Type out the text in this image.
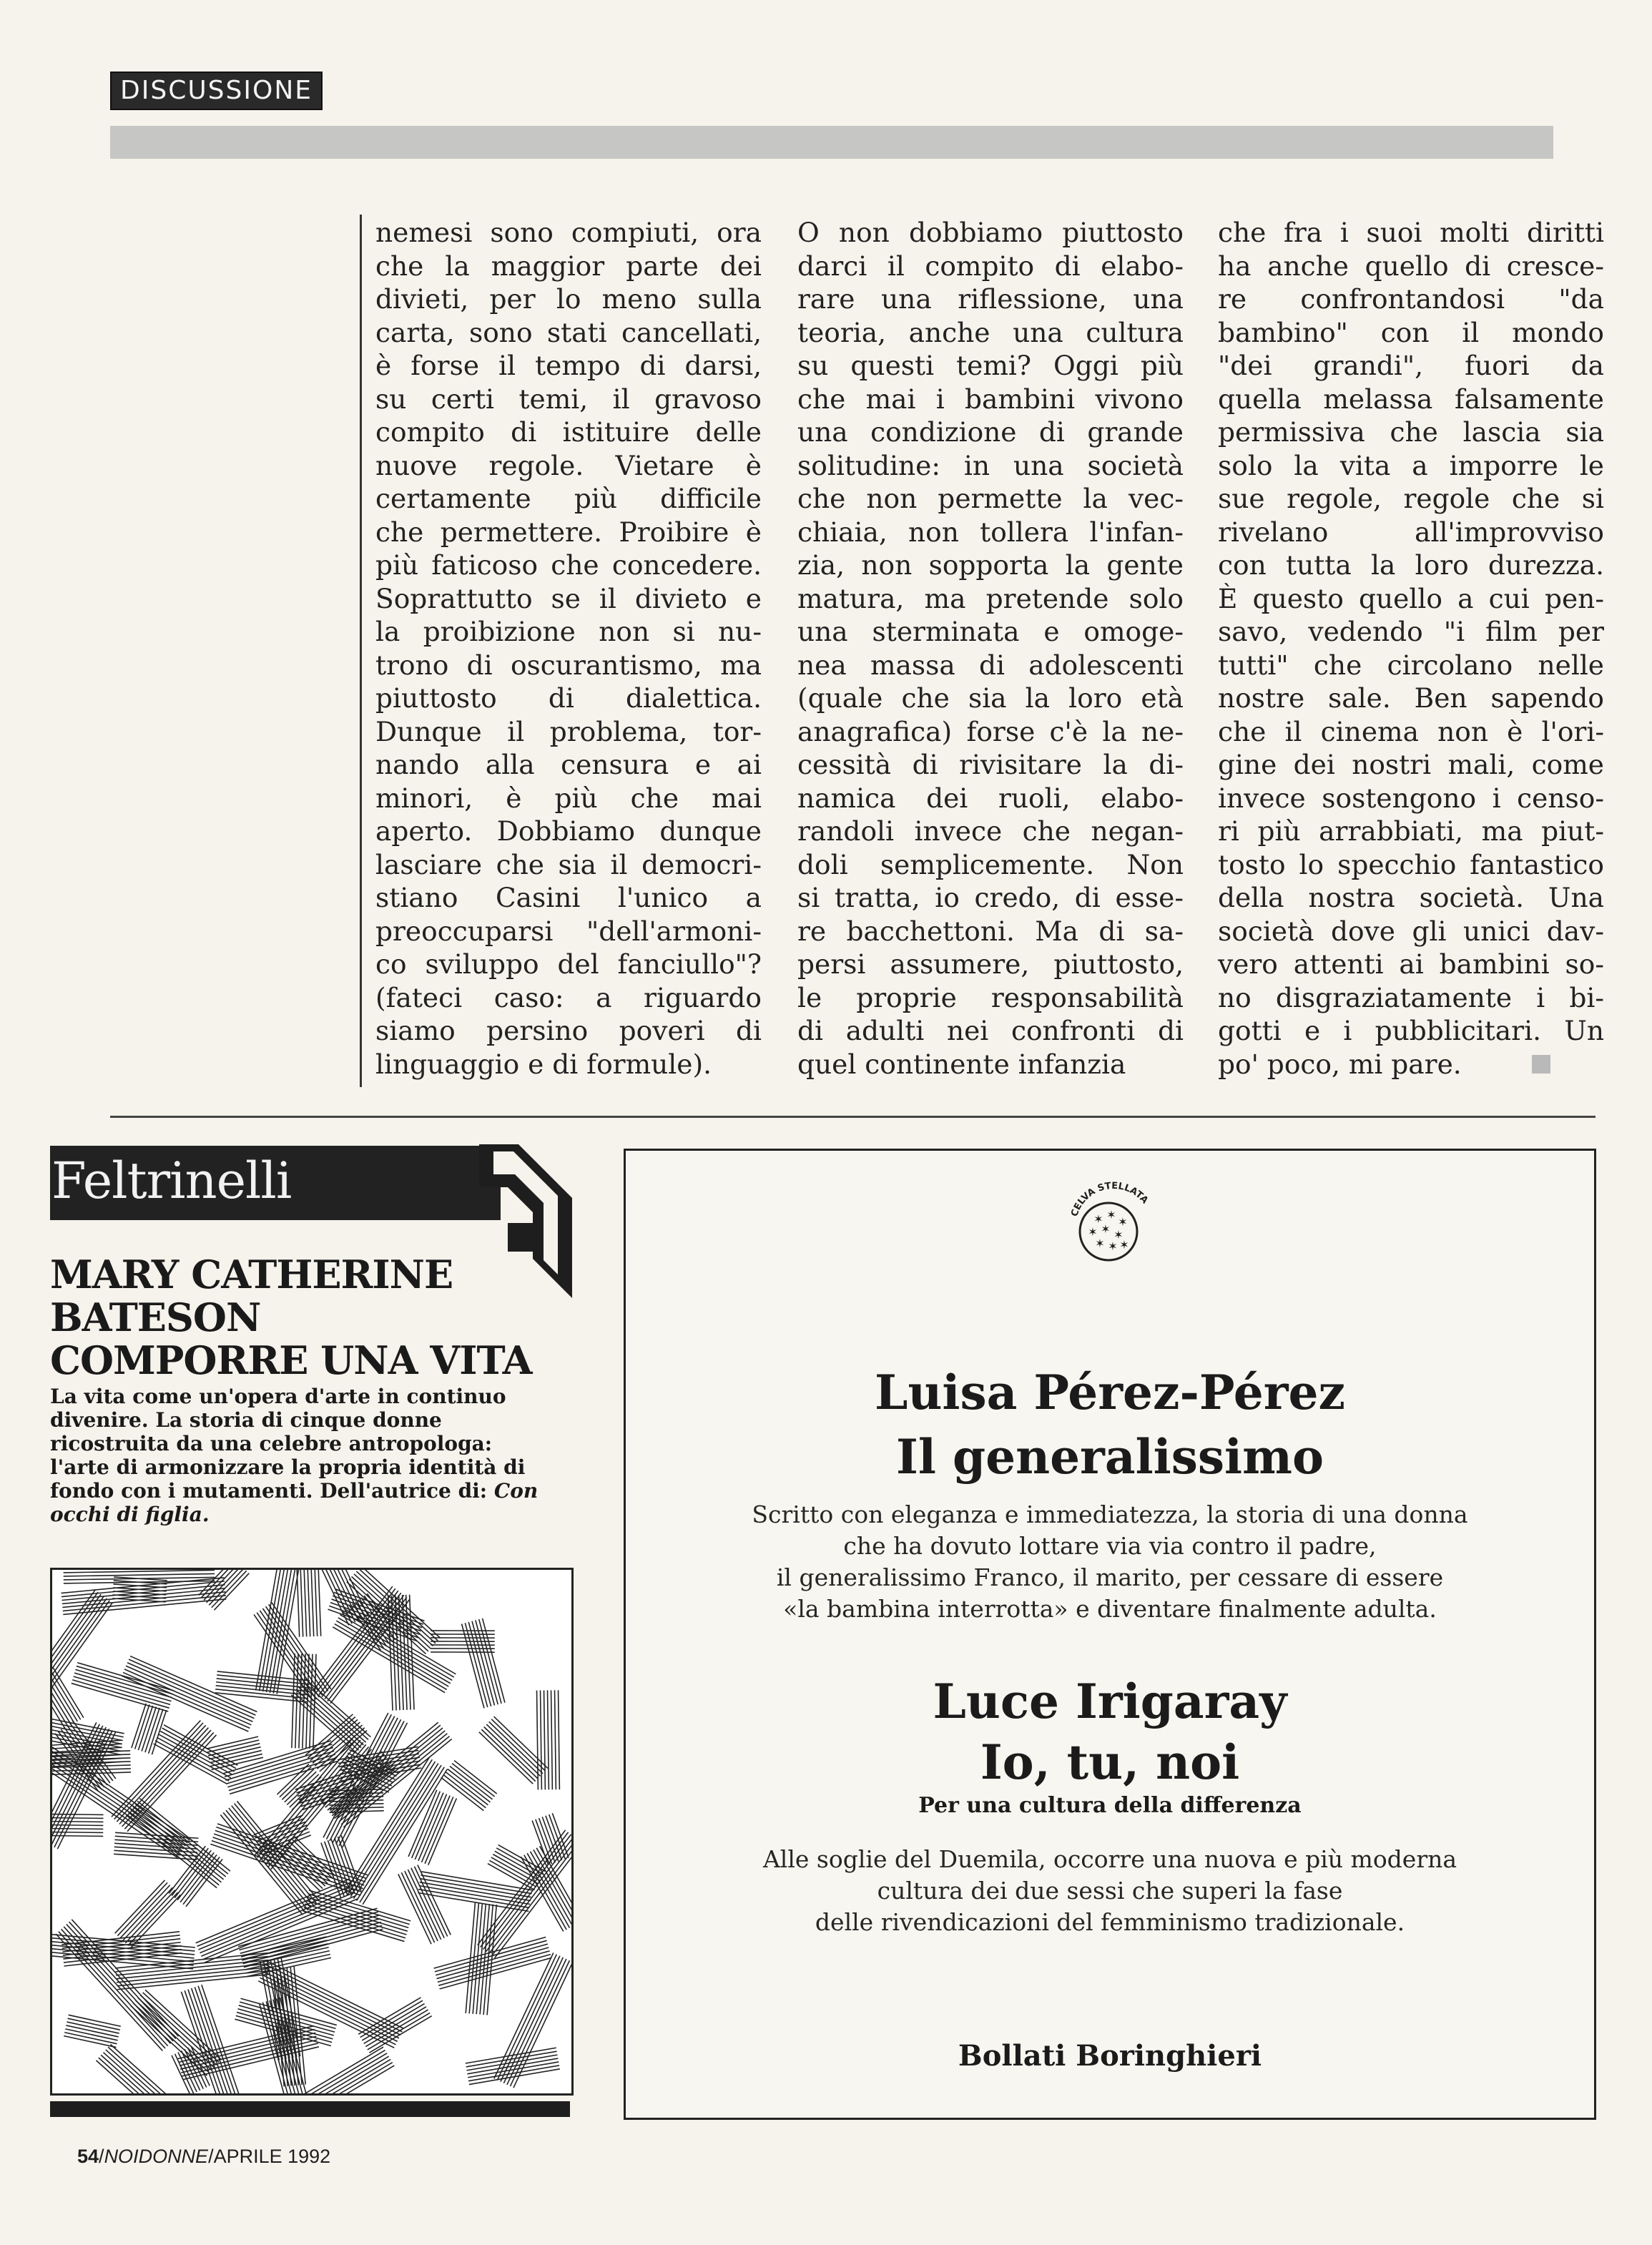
DISCUSSIONE
nemesi sono compiuti, ora
che la maggior parte dei
divieti, per lo meno sulla
carta, sono stati cancellati,
è forse il tempo di darsi,
su certi temi, il gravoso
compito di istituire delle
nuove regole. Vietare è
certamente più difficile
che permettere. Proibire è
più faticoso che concedere.
Soprattutto se il divieto e
la proibizione non si nu-
trono di oscurantismo, ma
piuttosto di dialettica.
Dunque il problema, tor-
nando alla censura e ai
minori, è più che mai
aperto. Dobbiamo dunque
lasciare che sia il democri-
stiano Casini l'unico a
preoccuparsi "dell'armoni-
co sviluppo del fanciullo"?
(fateci caso: a riguardo
siamo persino poveri di
linguaggio e di formule).
O non dobbiamo piuttosto
darci il compito di elabo-
rare una riflessione, una
teoria, anche una cultura
su questi temi? Oggi più
che mai i bambini vivono
una condizione di grande
solitudine: in una società
che non permette la vec-
chiaia, non tollera l'infan-
zia, non sopporta la gente
matura, ma pretende solo
una sterminata e omoge-
nea massa di adolescenti
(quale che sia la loro età
anagrafica) forse c'è la ne-
cessità di rivisitare la di-
namica dei ruoli, elabo-
randoli invece che negan-
doli semplicemente. Non
si tratta, io credo, di esse-
re bacchettoni. Ma di sa-
persi assumere, piuttosto,
le proprie responsabilità
di adulti nei confronti di
quel continente infanzia
che fra i suoi molti diritti
ha anche quello di cresce-
re confrontandosi "da
bambino" con il mondo
"dei grandi", fuori da
quella melassa falsamente
permissiva che lascia sia
solo la vita a imporre le
sue regole, regole che si
rivelano all'improvviso
con tutta la loro durezza.
È questo quello a cui pen-
savo, vedendo "i film per
tutti" che circolano nelle
nostre sale. Ben sapendo
che il cinema non è l'ori-
gine dei nostri mali, come
invece sostengono i censo-
ri più arrabbiati, ma piut-
tosto lo specchio fantastico
della nostra società. Una
società dove gli unici dav-
vero attenti ai bambini so-
no disgraziatamente i bi-
gotti e i pubblicitari. Un
po' poco, mi pare.
Feltrinelli
MARY CATHERINE BATESON
COMPORRE UNA VITA
La vita come un'opera d'arte in continuo divenire. La storia di cinque donne ricostruita da una celebre antropologa: l'arte di armonizzare la propria identità di fondo con i mutamenti. Dell'autrice di: Con occhi di figlia.
✶ ✶
✶
✶ ✶ ✶
✶ ✶ ✶
CELVA STELLATA
Luisa Pérez-Pérez
Il generalissimo
Scritto con eleganza e immediatezza, la storia di una donna
che ha dovuto lottare via via contro il padre,
il generalissimo Franco, il marito, per cessare di essere
«la bambina interrotta» e diventare finalmente adulta.
Luce Irigaray
Io, tu, noi
Per una cultura della differenza
Alle soglie del Duemila, occorre una nuova e più moderna
cultura dei due sessi che superi la fase
delle rivendicazioni del femminismo tradizionale.
Bollati Boringhieri
54/NOIDONNE/APRILE 1992
